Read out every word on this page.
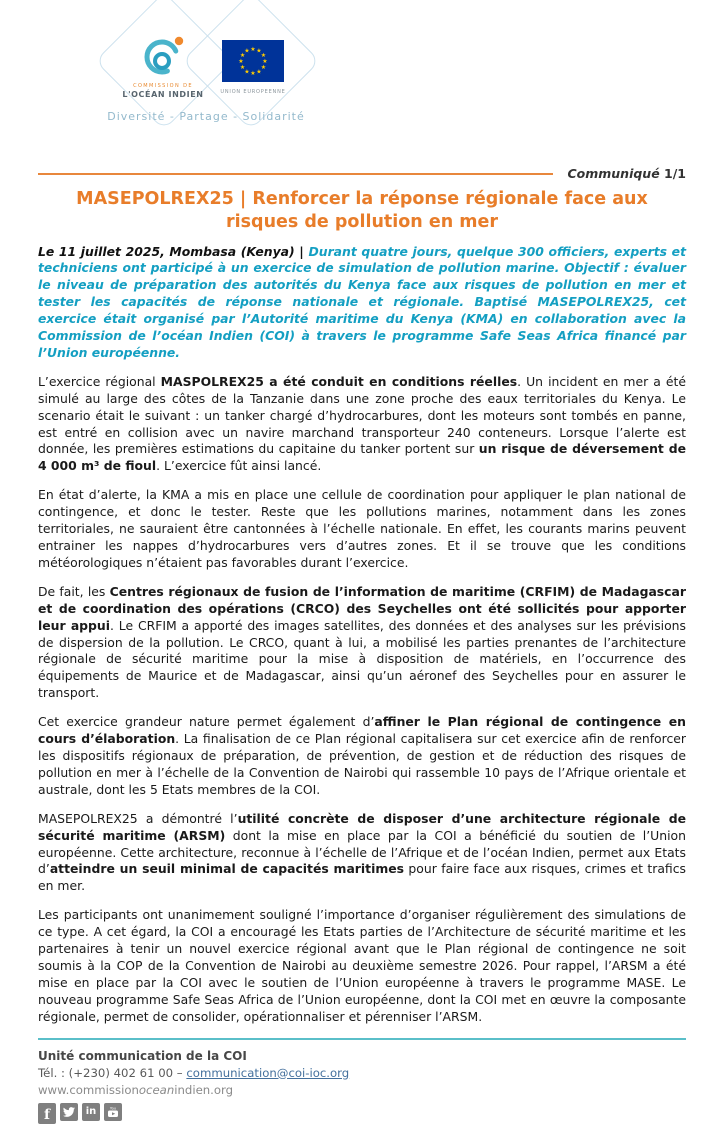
COMMISSION DE
L'OCÉAN INDIEN
★ ★
★
★
★
★
★
★
★
★
★
★
UNION EUROPEENNE
Diversité - Partage - Solidarité
Communiqué 1/1
MASEPOLREX25 | Renforcer la réponse régionale face aux risques de pollution en mer
Le 11 juillet 2025, Mombasa (Kenya) | Durant quatre jours, quelque 300 officiers, experts et techniciens ont participé à un exercice de simulation de pollution marine. Objectif : évaluer le niveau de préparation des autorités du Kenya face aux risques de pollution en mer et tester les capacités de réponse nationale et régionale. Baptisé MASEPOLREX25, cet exercice était organisé par l’Autorité maritime du Kenya (KMA) en collaboration avec la Commission de l’océan Indien (COI) à travers le programme Safe Seas Africa financé par l’Union européenne.

L’exercice régional MASPOLREX25 a été conduit en conditions réelles. Un incident en mer a été simulé au large des côtes de la Tanzanie dans une zone proche des eaux territoriales du Kenya. Le scenario était le suivant : un tanker chargé d’hydrocarbures, dont les moteurs sont tombés en panne, est entré en collision avec un navire marchand transporteur 240 conteneurs. Lorsque l’alerte est donnée, les premières estimations du capitaine du tanker portent sur un risque de déversement de 4 000 m³ de fioul. L’exercice fût ainsi lancé.

En état d’alerte, la KMA a mis en place une cellule de coordination pour appliquer le plan national de contingence, et donc le tester. Reste que les pollutions marines, notamment dans les zones territoriales, ne sauraient être cantonnées à l’échelle nationale. En effet, les courants marins peuvent entrainer les nappes d’hydrocarbures vers d’autres zones. Et il se trouve que les conditions météorologiques n’étaient pas favorables durant l’exercice.

De fait, les Centres régionaux de fusion de l’information de maritime (CRFIM) de Madagascar et de coordination des opérations (CRCO) des Seychelles ont été sollicités pour apporter leur appui. Le CRFIM a apporté des images satellites, des données et des analyses sur les prévisions de dispersion de la pollution. Le CRCO, quant à lui, a mobilisé les parties prenantes de l’architecture régionale de sécurité maritime pour la mise à disposition de matériels, en l’occurrence des équipements de Maurice et de Madagascar, ainsi qu’un aéronef des Seychelles pour en assurer le transport.

Cet exercice grandeur nature permet également d’affiner le Plan régional de contingence en cours d’élaboration. La finalisation de ce Plan régional capitalisera sur cet exercice afin de renforcer les dispositifs régionaux de préparation, de prévention, de gestion et de réduction des risques de pollution en mer à l’échelle de la Convention de Nairobi qui rassemble 10 pays de l’Afrique orientale et australe, dont les 5 Etats membres de la COI.

MASEPOLREX25 a démontré l’utilité concrète de disposer d’une architecture régionale de sécurité maritime (ARSM) dont la mise en place par la COI a bénéficié du soutien de l’Union européenne. Cette architecture, reconnue à l’échelle de l’Afrique et de l’océan Indien, permet aux Etats d’atteindre un seuil minimal de capacités maritimes pour faire face aux risques, crimes et trafics en mer.

Les participants ont unanimement souligné l’importance d’organiser régulièrement des simulations de ce type. A cet égard, la COI a encouragé les Etats parties de l’Architecture de sécurité maritime et les partenaires à tenir un nouvel exercice régional avant que le Plan régional de contingence ne soit soumis à la COP de la Convention de Nairobi au deuxième semestre 2026. Pour rappel, l’ARSM a été mise en place par la COI avec le soutien de l’Union européenne à travers le programme MASE. Le nouveau programme Safe Seas Africa de l’Union européenne, dont la COI met en œuvre la composante régionale, permet de consolider, opérationnaliser et pérenniser l’ARSM.

Unité communication de la COI
Tél. : (+230) 402 61 00 – communication@coi-ioc.org
www.commissionoceanindien.org
f	in	You
